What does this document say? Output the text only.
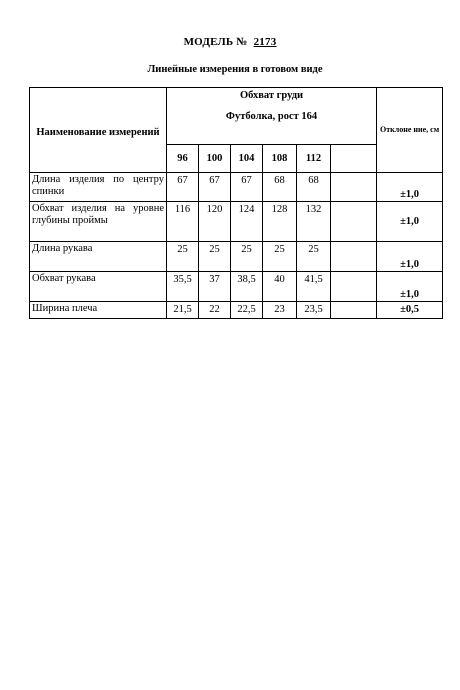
МОДЕЛЬ № 2173
Линейные измерения в готовом виде
Наименование измерений	Обхват груди
Футболка, рост 164						Отклоне ние, см
	96	100	104	108	112		
Длина изделия по центру спинки	67	67	67	68	68		±1,0
Обхват изделия на уровне глубины проймы	116	120	124	128	132		±1,0
Длина рукава	25	25	25	25	25		±1,0
Обхват рукава	35,5	37	38,5	40	41,5		±1,0
Ширина плеча	21,5	22	22,5	23	23,5		±0,5
